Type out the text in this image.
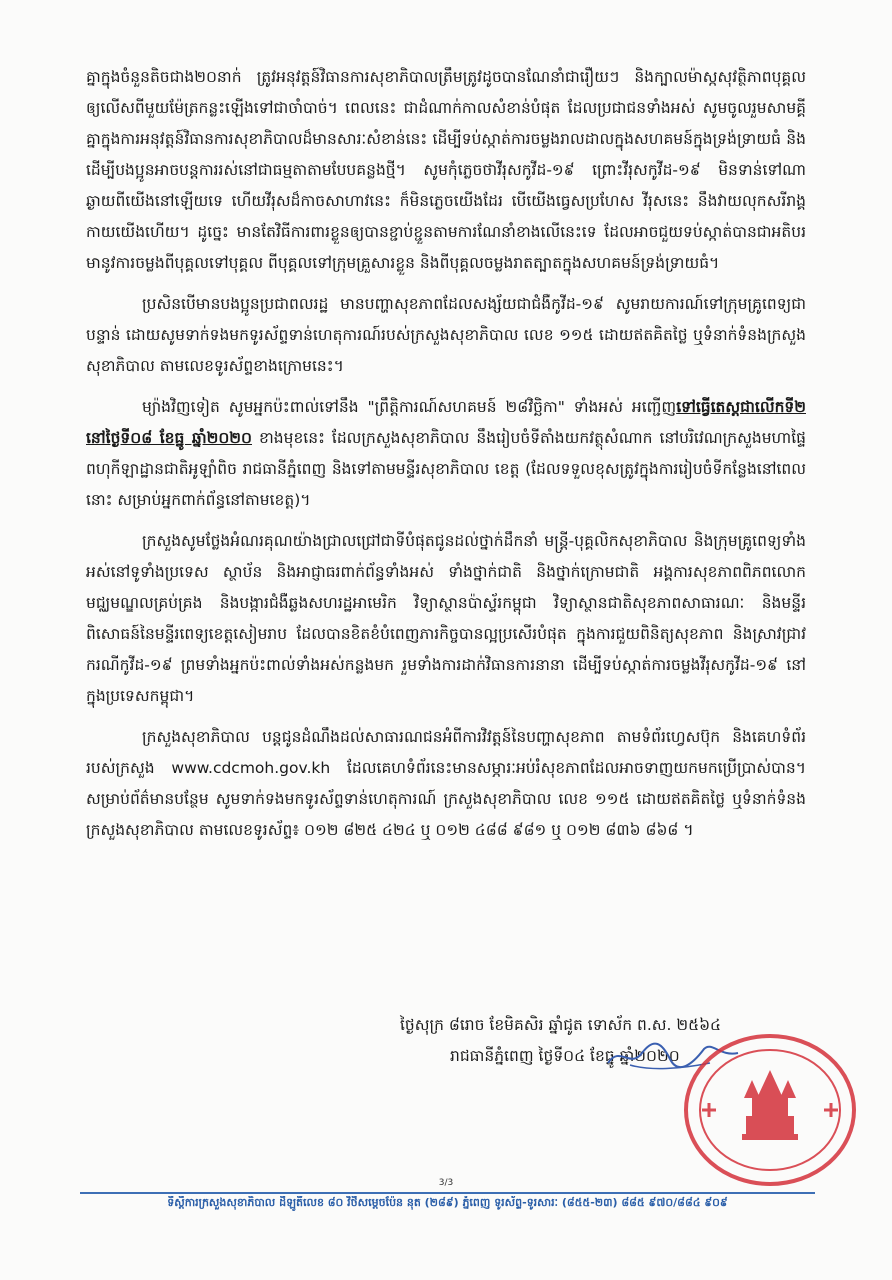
គ្នាក្នុងចំនួនតិចជាង២០នាក់ ត្រូវអនុវត្តន៍វិធានការសុខាភិបាលត្រឹមត្រូវដូចបានណែនាំជារឿយៗ និងក្បាលម៉ាស្កសុវត្ថិភាពបុគ្គលឲ្យលើសពីមួយម៉ែត្រកន្លះឡើងទៅជាចាំបាច់។ ពេលនេះ ជាដំណាក់កាលសំខាន់បំផុត ដែលប្រជាជនទាំងអស់ សូមចូលរួមសាមគ្គីគ្នាក្នុងការអនុវត្តន៍វិធានការសុខាភិបាលដ៏មានសារៈសំខាន់នេះ ដើម្បីទប់ស្កាត់ការចម្លងរាលដាលក្នុងសហគមន៍ក្នុងទ្រង់ទ្រាយធំ និងដើម្បីបងប្អូនអាចបន្តការរស់នៅជាធម្មតាតាមបែបគន្លងថ្មី។ សូមកុំភ្លេចថាវីរុសកូវីដ-១៩ ព្រោះវីរុសកូវីដ-១៩ មិនទាន់ទៅណាឆ្ងាយពីយើងនៅឡើយទេ ហើយវីរុសដ៏កាចសាហាវនេះ ក៏មិនភ្លេចយើងដែរ បើយើងធ្វេសប្រហែស វីរុសនេះ នឹងវាយលុកសរីរាង្គកាយយើងហើយ។ ដូច្នេះ មានតែវិធីការពារខ្លួនឲ្យបានខ្ជាប់ខ្ជួនតាមការណែនាំខាងលើនេះទេ ដែលអាចជួយទប់ស្កាត់បានជាអតិបរមានូវការចម្លងពីបុគ្គលទៅបុគ្គល ពីបុគ្គលទៅក្រុមគ្រួសារខ្លួន និងពីបុគ្គលចម្លងរាតត្បាតក្នុងសហគមន៍ទ្រង់ទ្រាយធំ។

ប្រសិនបើមានបងប្អូនប្រជាពលរដ្ឋ មានបញ្ហាសុខភាពដែលសង្ស័យជាជំងឺកូវីដ-១៩ សូមរាយការណ៍ទៅក្រុមគ្រូពេទ្យជាបន្ទាន់ ដោយសូមទាក់ទងមកទូរស័ព្ទទាន់ហេតុការណ៍របស់ក្រសួងសុខាភិបាល លេខ ១១៥ ដោយឥតគិតថ្លៃ ឬទំនាក់ទំនងក្រសួងសុខាភិបាល តាមលេខទូរស័ព្ទខាងក្រោមនេះ។

ម្យ៉ាងវិញទៀត សូមអ្នកប៉ះពាល់ទៅនឹង "ព្រឹត្តិការណ៍សហគមន៍ ២៨វិច្ឆិកា" ទាំងអស់ អញ្ជើញទៅធ្វើតេស្តជាលើកទី២ នៅថ្ងៃទី០៨ ខែធ្នូ ឆ្នាំ២០២០ ខាងមុខនេះ ដែលក្រសួងសុខាភិបាល នឹងរៀបចំទីតាំងយកវត្ថុសំណាក នៅបរិវេណក្រសួងមហាផ្ទៃ ពហុកីឡាដ្ឋានជាតិអូឡាំពិច រាជធានីភ្នំពេញ និងទៅតាមមន្ទីរសុខាភិបាល ខេត្ត (ដែលទទួលខុសត្រូវក្នុងការរៀបចំទីកន្លែងនៅពេលនោះ សម្រាប់អ្នកពាក់ព័ន្ធនៅតាមខេត្ត)។

ក្រសួងសូមថ្លែងអំណរគុណយ៉ាងជ្រាលជ្រៅជាទីបំផុតជូនដល់ថ្នាក់ដឹកនាំ មន្ត្រី-បុគ្គលិកសុខាភិបាល និងក្រុមគ្រូពេទ្យទាំងអស់នៅទូទាំងប្រទេស ស្ថាប័ន និងអាជ្ញាធរពាក់ព័ន្ធទាំងអស់ ទាំងថ្នាក់ជាតិ និងថ្នាក់ក្រោមជាតិ អង្គការសុខភាពពិភពលោក មជ្ឈមណ្ឌលគ្រប់គ្រង និងបង្ការជំងឺឆ្លងសហរដ្ឋអាមេរិក វិទ្យាស្ថានប៉ាស្ទ័រកម្ពុជា វិទ្យាស្ថានជាតិសុខភាពសាធារណៈ និងមន្ទីរពិសោធន៍នៃមន្ទីរពេទ្យខេត្តសៀមរាប ដែលបានខិតខំបំពេញភារកិច្ចបានល្អប្រសើរបំផុត ក្នុងការជួយពិនិត្យសុខភាព និងស្រាវជ្រាវករណីកូវីដ-១៩ ព្រមទាំងអ្នកប៉ះពាល់ទាំងអស់កន្លងមក រួមទាំងការដាក់វិធានការនានា ដើម្បីទប់ស្កាត់ការចម្លងវីរុសកូវីដ-១៩ នៅក្នុងប្រទេសកម្ពុជា។

ក្រសួងសុខាភិបាល បន្តជូនដំណឹងដល់សាធារណជនអំពីការវិវត្តន៍នៃបញ្ហាសុខភាព តាមទំព័រហ្វេសប៊ុក និងគេហទំព័ររបស់ក្រសួង www.cdcmoh.gov.kh ដែលគេហទំព័រនេះមានសម្ភារៈអប់រំសុខភាពដែលអាចទាញយកមកប្រើប្រាស់បាន។ សម្រាប់ព័ត៌មានបន្ថែម សូមទាក់ទងមកទូរស័ព្ទទាន់ហេតុការណ៍ ក្រសួងសុខាភិបាល លេខ ១១៥ ដោយឥតគិតថ្លៃ ឬទំនាក់ទំនងក្រសួងសុខាភិបាល តាមលេខទូរស័ព្ទ៖ ០១២ ៨២៥ ៤២៤ ឬ ០១២ ៤៨៨ ៩៨១ ឬ ០១២ ៨៣៦ ៨៦៨ ។

ថ្ងៃសុក្រ ៨រោច ខែមិគសិរ ឆ្នាំជូត ទោស័ក ព.ស. ២៥៦៤
រាជធានីភ្នំពេញ ថ្ងៃទី០៤ ខែធ្នូ ឆ្នាំ២០២០
3/3
ទីស្តីការក្រសួងសុខាភិបាល ដីឡូតិ៍លេខ ៨០ វិថីសម្តេចប៉ែន នុត (២៨៩) ភ្នំពេញ ទូរស័ព្ទ-ទូរសារៈ (៨៥៥-២៣) ៨៨៥ ៩៧០/៨៨៤ ៩០៩
